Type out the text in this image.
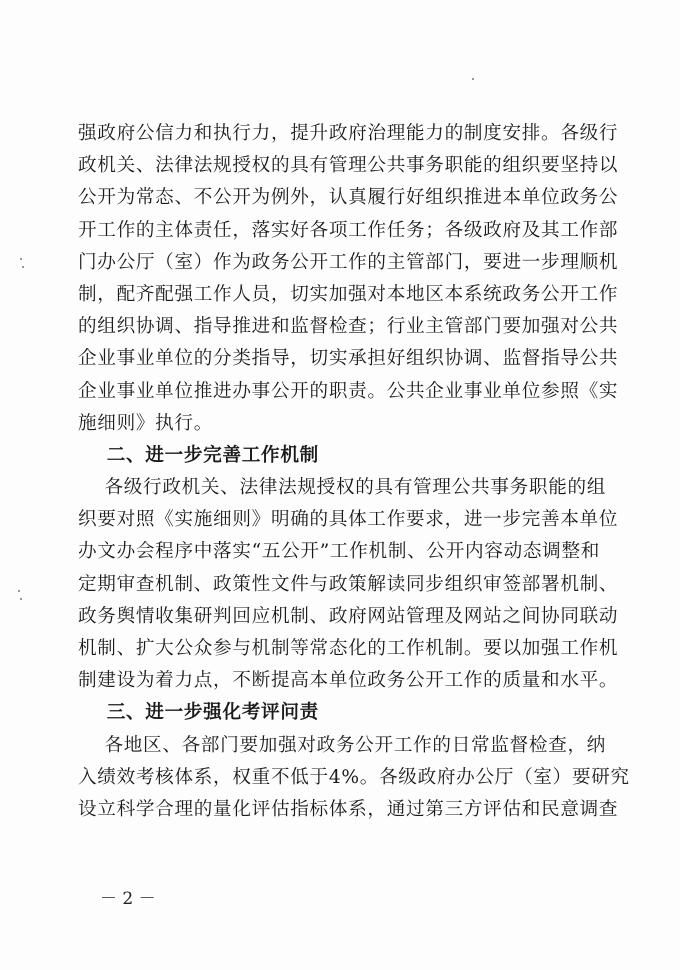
强政府公信力和执行力，提升政府治理能力的制度安排。各级行
政机关、法律法规授权的具有管理公共事务职能的组织要坚持以
公开为常态、不公开为例外，认真履行好组织推进本单位政务公
开工作的主体责任，落实好各项工作任务；各级政府及其工作部
门办公厅（室）作为政务公开工作的主管部门，要进一步理顺机
制，配齐配强工作人员，切实加强对本地区本系统政务公开工作
的组织协调、指导推进和监督检查；行业主管部门要加强对公共
企业事业单位的分类指导，切实承担好组织协调、监督指导公共
企业事业单位推进办事公开的职责。公共企业事业单位参照《实
施细则》执行。
二、进一步完善工作机制
各级行政机关、法律法规授权的具有管理公共事务职能的组
织要对照《实施细则》明确的具体工作要求，进一步完善本单位
办文办会程序中落实“五公开”工作机制、公开内容动态调整和
定期审查机制、政策性文件与政策解读同步组织审签部署机制、
政务舆情收集研判回应机制、政府网站管理及网站之间协同联动
机制、扩大公众参与机制等常态化的工作机制。要以加强工作机
制建设为着力点，不断提高本单位政务公开工作的质量和水平。
三、进一步强化考评问责
各地区、各部门要加强对政务公开工作的日常监督检查，纳
入绩效考核体系，权重不低于4%。各级政府办公厅（室）要研究
设立科学合理的量化评估指标体系，通过第三方评估和民意调查
－ 2 －
